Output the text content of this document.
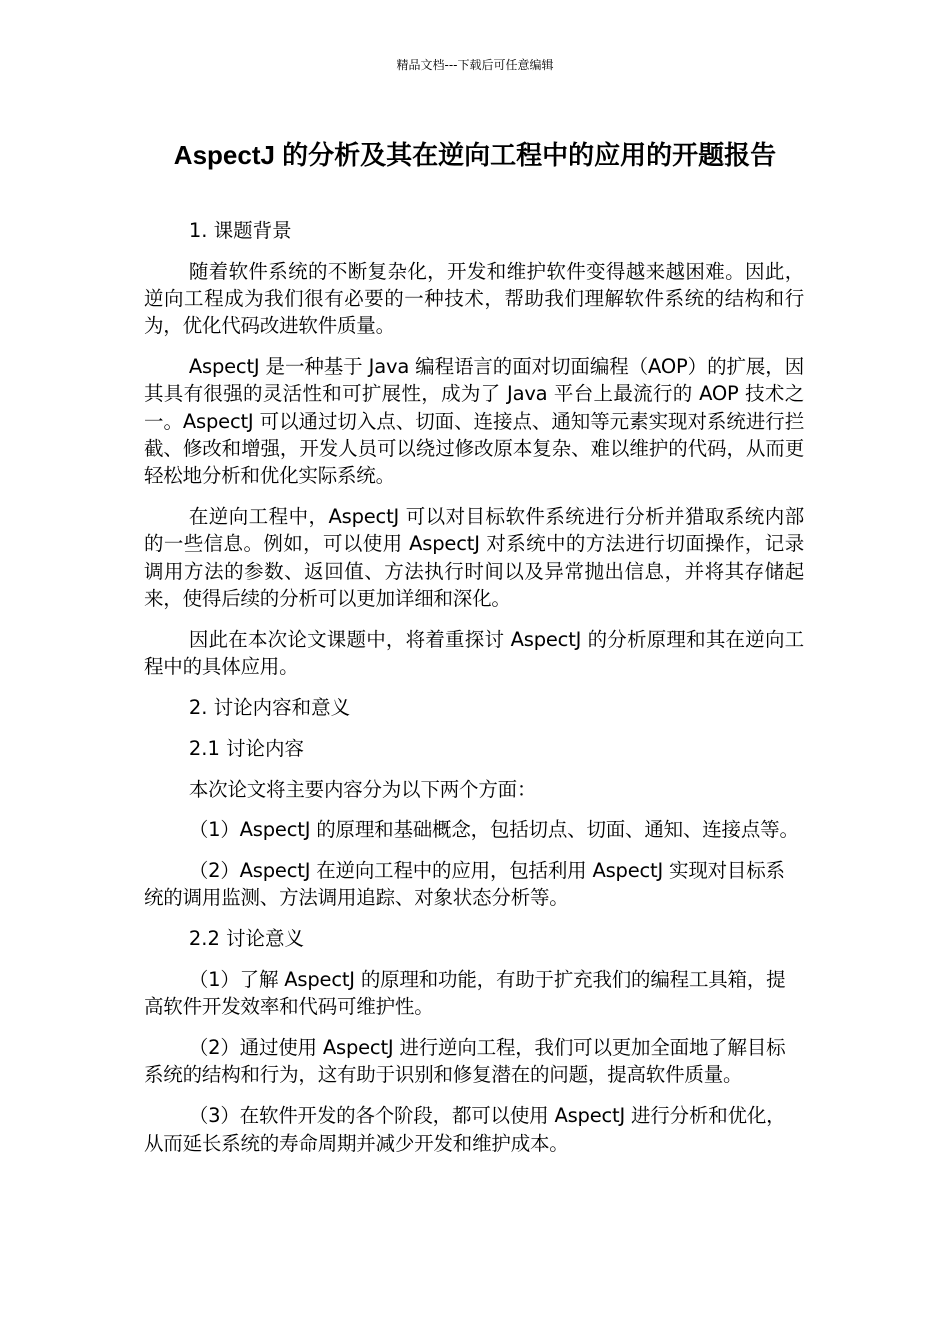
精品文档---下载后可任意编辑
AspectJ 的分析及其在逆向工程中的应用的开题报告

1. 课题背景

随着软件系统的不断复杂化，开发和维护软件变得越来越困难。因此，逆向工程成为我们很有必要的一种技术，帮助我们理解软件系统的结构和行为，优化代码改进软件质量。

AspectJ 是一种基于 Java 编程语言的面对切面编程（AOP）的扩展，因其具有很强的灵活性和可扩展性，成为了 Java 平台上最流行的 AOP 技术之一。AspectJ 可以通过切入点、切面、连接点、通知等元素实现对系统进行拦截、修改和增强，开发人员可以绕过修改原本复杂、难以维护的代码，从而更轻松地分析和优化实际系统。

在逆向工程中，AspectJ 可以对目标软件系统进行分析并猎取系统内部的一些信息。例如，可以使用 AspectJ 对系统中的方法进行切面操作，记录调用方法的参数、返回值、方法执行时间以及异常抛出信息，并将其存储起来，使得后续的分析可以更加详细和深化。

因此在本次论文课题中，将着重探讨 AspectJ 的分析原理和其在逆向工程中的具体应用。

2. 讨论内容和意义

2.1 讨论内容

本次论文将主要内容分为以下两个方面：

（1）AspectJ 的原理和基础概念，包括切点、切面、通知、连接点等。

（2）AspectJ 在逆向工程中的应用，包括利用 AspectJ 实现对目标系统的调用监测、方法调用追踪、对象状态分析等。

2.2 讨论意义

（1）了解 AspectJ 的原理和功能，有助于扩充我们的编程工具箱，提高软件开发效率和代码可维护性。

（2）通过使用 AspectJ 进行逆向工程，我们可以更加全面地了解目标系统的结构和行为，这有助于识别和修复潜在的问题，提高软件质量。

（3）在软件开发的各个阶段，都可以使用 AspectJ 进行分析和优化，从而延长系统的寿命周期并减少开发和维护成本。
